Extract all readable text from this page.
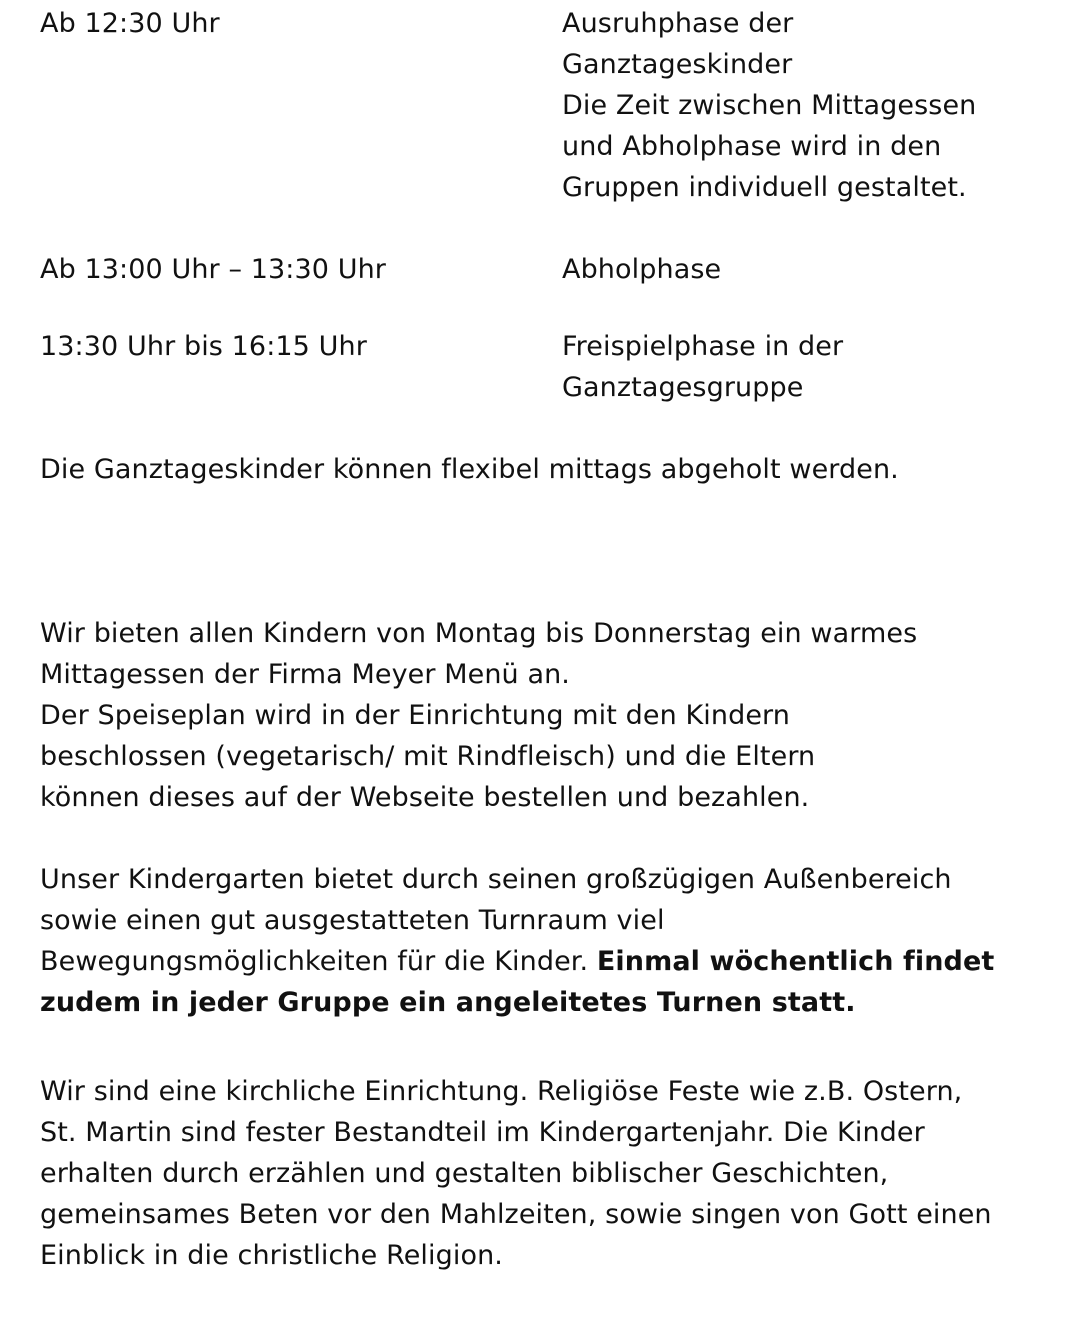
Ab 12:30 Uhr	Ausruhphase der
Ganztageskinder
Die Zeit zwischen Mittagessen
und Abholphase wird in den
Gruppen individuell gestaltet.
Ab 13:00 Uhr – 13:30 Uhr	Abholphase
13:30 Uhr bis 16:15 Uhr	Freispielphase in der
Ganztagesgruppe
Die Ganztageskinder können flexibel mittags abgeholt werden.
Wir bieten allen Kindern von Montag bis Donnerstag ein warmes
Mittagessen der Firma Meyer Menü an.
Der Speiseplan wird in der Einrichtung mit den Kindern
beschlossen (vegetarisch/ mit Rindfleisch) und die Eltern
können dieses auf der Webseite bestellen und bezahlen.
Unser Kindergarten bietet durch seinen großzügigen Außenbereich
sowie einen gut ausgestatteten Turnraum viel
Bewegungsmöglichkeiten für die Kinder. Einmal wöchentlich findet
zudem in jeder Gruppe ein angeleitetes Turnen statt.
Wir sind eine kirchliche Einrichtung. Religiöse Feste wie z.B. Ostern,
St. Martin sind fester Bestandteil im Kindergartenjahr. Die Kinder
erhalten durch erzählen und gestalten biblischer Geschichten,
gemeinsames Beten vor den Mahlzeiten, sowie singen von Gott einen
Einblick in die christliche Religion.
